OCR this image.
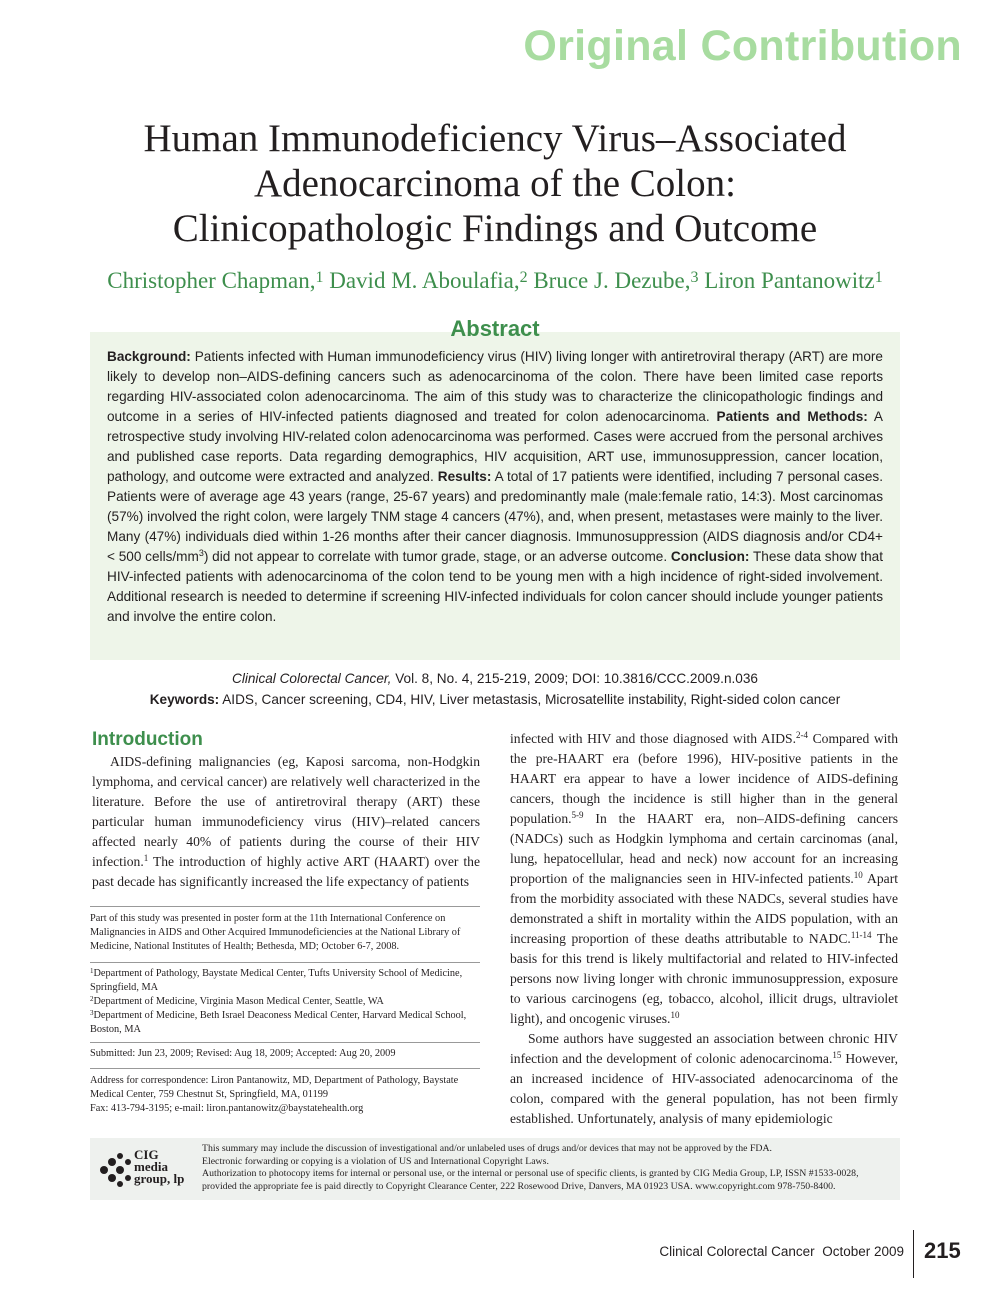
Original Contribution
Human Immunodeficiency Virus–Associated
Adenocarcinoma of the Colon:
Clinicopathologic Findings and Outcome
Christopher Chapman,$^1$ David M. Aboulafia,$^2$ Bruce J. Dezube,$^3$ Liron Pantanowitz$^1$
Abstract
Background: Patients infected with Human immunodeficiency virus (HIV) living longer with antiretroviral therapy (ART) are more likely to develop non–AIDS-defining cancers such as adenocarcinoma of the colon. There have been limited case reports regarding HIV-associated colon adenocarcinoma. The aim of this study was to characterize the clinicopathologic findings and outcome in a series of HIV-infected patients diagnosed and treated for colon adenocarcinoma. Patients and Methods: A retrospective study involving HIV-related colon adenocarcinoma was performed. Cases were accrued from the personal archives and published case reports. Data regarding demographics, HIV acquisition, ART use, immunosuppression, cancer location, pathology, and outcome were extracted and analyzed. Results: A total of 17 patients were identified, including 7 personal cases. Patients were of average age 43 years (range, 25-67 years) and predominantly male (male:female ratio, 14:3). Most carcinomas (57%) involved the right colon, were largely TNM stage 4 cancers (47%), and, when present, metastases were mainly to the liver. Many (47%) individuals died within 1-26 months after their cancer diagnosis. Immunosuppression (AIDS diagnosis and/or CD4+ < 500 cells/$mm^3$) did not appear to correlate with tumor grade, stage, or an adverse outcome. Conclusion: These data show that HIV-infected patients with adenocarcinoma of the colon tend to be young men with a high incidence of right-sided involvement. Additional research is needed to determine if screening HIV-infected individuals for colon cancer should include younger patients and involve the entire colon.
Clinical Colorectal Cancer, Vol. 8, No. 4, 215-219, 2009; DOI: 10.3816/CCC.2009.n.036
Keywords: AIDS, Cancer screening, CD4, HIV, Liver metastasis, Microsatellite instability, Right-sided colon cancer
Introduction

AIDS-defining malignancies (eg, Kaposi sarcoma, non-Hodgkin lymphoma, and cervical cancer) are relatively well characterized in the literature. Before the use of antiretroviral therapy (ART) these particular human immunodeficiency virus (HIV)–related cancers affected nearly 40% of patients during the course of their HIV infection.$^1$ The introduction of highly active ART (HAART) over the past decade has significantly increased the life expectancy of patients

infected with HIV and those diagnosed with AIDS.$^{2-4}$ Compared with the pre-HAART era (before 1996), HIV-positive patients in the HAART era appear to have a lower incidence of AIDS-defining cancers, though the incidence is still higher than in the general population.$^{5-9}$ In the HAART era, non–AIDS-defining cancers (NADCs) such as Hodgkin lymphoma and certain carcinomas (anal, lung, hepatocellular, head and neck) now account for an increasing proportion of the malignancies seen in HIV-infected patients.$^{10}$ Apart from the morbidity associated with these NADCs, several studies have demonstrated a shift in mortality within the AIDS population, with an increasing proportion of these deaths attributable to NADC.$^{11-14}$ The basis for this trend is likely multifactorial and related to HIV-infected persons now living longer with chronic immunosuppression, exposure to various carcinogens (eg, tobacco, alcohol, illicit drugs, ultraviolet light), and oncogenic viruses.$^{10}$

Some authors have suggested an association between chronic HIV infection and the development of colonic adenocarcinoma.$^{15}$ However, an increased incidence of HIV-associated adenocarcinoma of the colon, compared with the general population, has not been firmly established. Unfortunately, analysis of many epidemiologic

Part of this study was presented in poster form at the 11th International Conference on Malignancies in AIDS and Other Acquired Immunodeficiencies at the National Library of Medicine, National Institutes of Health; Bethesda, MD; October 6-7, 2008.
$^1$Department of Pathology, Baystate Medical Center, Tufts University School of Medicine, Springfield, MA
$^2$Department of Medicine, Virginia Mason Medical Center, Seattle, WA
$^3$Department of Medicine, Beth Israel Deaconess Medical Center, Harvard Medical School, Boston, MA
Submitted: Jun 23, 2009; Revised: Aug 18, 2009; Accepted: Aug 20, 2009
Address for correspondence: Liron Pantanowitz, MD, Department of Pathology, Baystate Medical Center, 759 Chestnut St, Springfield, MA, 01199
Fax: 413-794-3195; e-mail: liron.pantanowitz@baystatehealth.org
CIG
media
group, lp
This summary may include the discussion of investigational and/or unlabeled uses of drugs and/or devices that may not be approved by the FDA.
Electronic forwarding or copying is a violation of US and International Copyright Laws.
Authorization to photocopy items for internal or personal use, or the internal or personal use of specific clients, is granted by CIG Media Group, LP, ISSN #1533-0028, provided the appropriate fee is paid directly to Copyright Clearance Center, 222 Rosewood Drive, Danvers, MA 01923 USA. www.copyright.com 978-750-8400.
Clinical Colorectal Cancer October 2009 215
